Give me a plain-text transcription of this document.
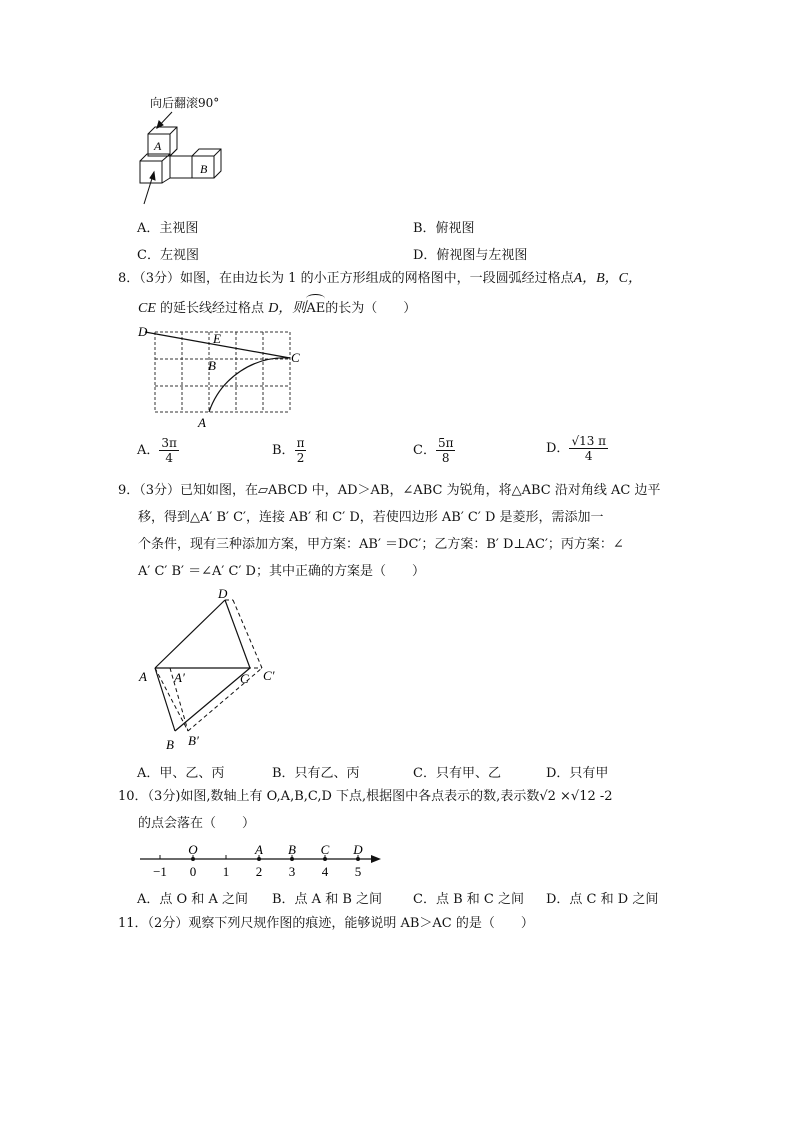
向后翻滚90°
A
B
A．主视图	B．俯视图
C．左视图	D．俯视图与左视图
8．（3分）如图，在由边长为 1 的小正方形组成的网格图中，一段圆弧经过格点A，B，C，
CE 的延长线经过格点 D，则
AE的长为（　　）
D	E
B
C
A
A． $\frac{3\pi}{4}$	B． $\frac{\pi}{2}$	C． $\frac{5\pi}{8}$	D． $\frac{√13 \pi}{4}$
9．（3分）已知如图，在▱ABCD 中，AD＞AB，∠ABC 为锐角，将△ABC 沿对角线 AC 边平
移，得到△A′ B′ C′，连接 AB′ 和 C′ D，若使四边形 AB′ C′ D 是菱形，需添加一
个条件，现有三种添加方案，甲方案：AB′ ＝DC′；乙方案：B′ D⊥AC′；丙方案：∠
A′ C′ B′ ＝∠A′ C′ D；其中正确的方案是（　　）
D
A A′	C C′
B B′
A．甲、乙、丙	B．只有乙、丙	C．只有甲、乙	D．只有甲
10．（3分)如图,数轴上有 O,A,B,C,D 下点,根据图中各点表示的数,表示数√2 ×√12 -2
的点会落在（　　）
O	A B C D
−1 0 1 2 3 4 5
A．点 O 和 A 之间 B．点 A 和 B 之间 C．点 B 和 C 之间 D．点 C 和 D 之间
11．（2分）观察下列尺规作图的痕迹，能够说明 AB＞AC 的是（　　）
